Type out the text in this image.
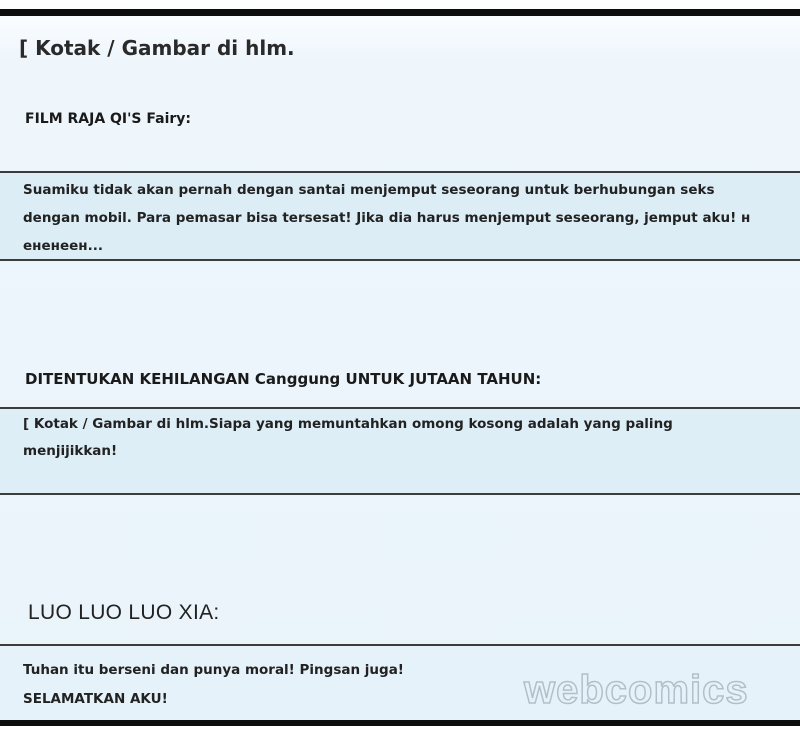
[ Kotak / Gambar di hlm.
FILM RAJA QI'S Fairy:
Suamiku tidak akan pernah dengan santai menjemput seseorang untuk berhubungan seks
dengan mobil. Para pemasar bisa tersesat! Jika dia harus menjemput seseorang, jemput aku! н
ененеен...
DITENTUKAN KEHILANGAN Canggung UNTUK JUTAAN TAHUN:
[ Kotak / Gambar di hlm.Siapa yang memuntahkan omong kosong adalah yang paling
menjijikkan!
LUO LUO LUO XIA:
Tuhan itu berseni dan punya moral! Pingsan juga!
SELAMATKAN AKU!	webcomics
